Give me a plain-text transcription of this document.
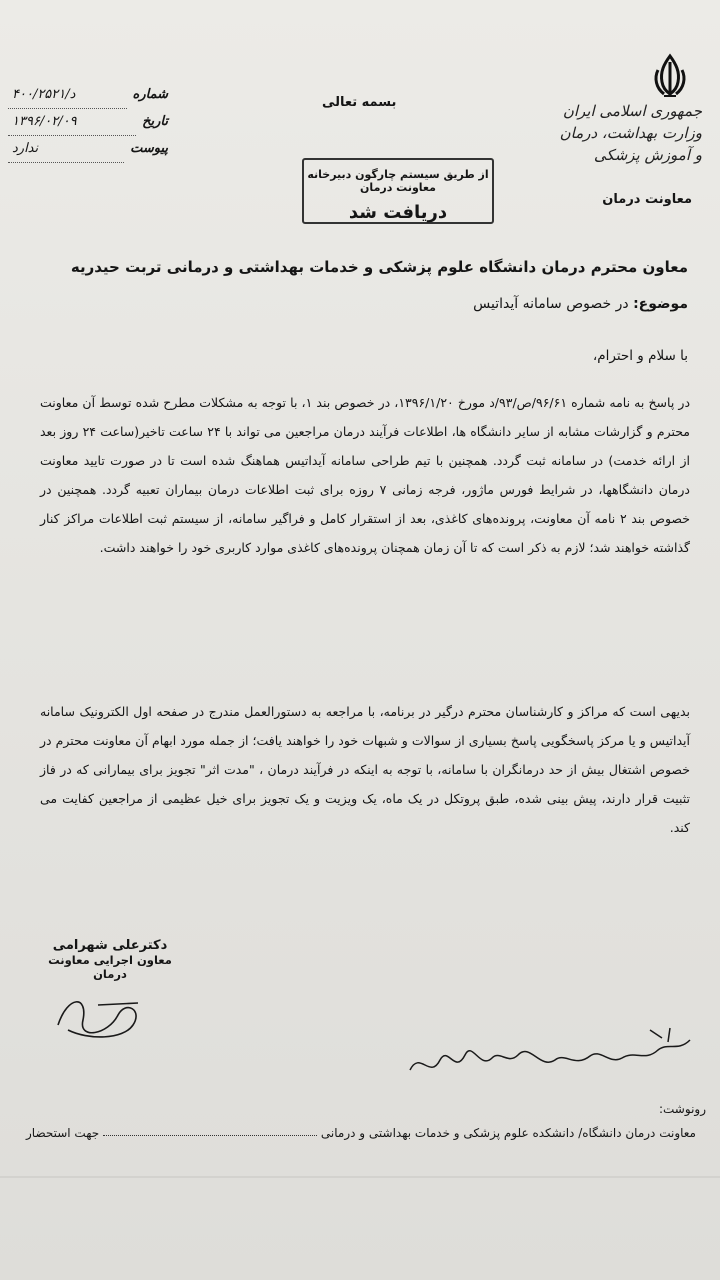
جمهوری اسلامی ایران
وزارت بهداشت، درمان و آموزش پزشکی
معاونت درمان
بسمه تعالی
از طریق سیستم چارگون دبیرخانه معاونت درمان
دریافت شد
شماره
۴۰۰/د/۲۵۲۱
تاریخ
۱۳۹۶/۰۲/۰۹
پیوست
ندارد
معاون محترم درمان دانشگاه علوم پزشکی و خدمات بهداشتی و درمانی تربت حیدریه
موضوع: در خصوص سامانه آیداتیس
با سلام و احترام،
در پاسخ به نامه شماره ۹۶/۶۱/ص/۹۳/د مورخ ۱۳۹۶/۱/۲۰، در خصوص بند ۱، با توجه به مشکلات مطرح شده توسط آن معاونت محترم و گزارشات مشابه از سایر دانشگاه ها، اطلاعات فرآیند درمان مراجعین می تواند با ۲۴ ساعت تاخیر(ساعت ۲۴ روز بعد از ارائه خدمت) در سامانه ثبت گردد. همچنین با تیم طراحی سامانه آیداتیس هماهنگ شده است تا در صورت تایید معاونت درمان دانشگاهها، در شرایط فورس ماژور، فرجه زمانی ۷ روزه برای ثبت اطلاعات درمان بیماران تعبیه گردد. همچنین در خصوص بند ۲ نامه آن معاونت، پرونده‌های کاغذی، بعد از استقرار کامل و فراگیر سامانه، از سیستم ثبت اطلاعات مراکز کنار گذاشته خواهند شد؛ لازم به ذکر است که تا آن زمان همچنان پرونده‌های کاغذی موارد کاربری خود را خواهند داشت.
بدیهی است که مراکز و کارشناسان محترم درگیر در برنامه، با مراجعه به دستورالعمل مندرج در صفحه اول الکترونیک سامانه آیداتیس و یا مرکز پاسخگویی پاسخ بسیاری از سوالات و شبهات خود را خواهند یافت؛ از جمله مورد ابهام آن معاونت محترم در خصوص اشتغال بیش از حد درمانگران با سامانه، با توجه به اینکه در فرآیند درمان ، "مدت اثر" تجویز برای بیمارانی که در فاز تثبیت قرار دارند، پیش بینی شده، طبق پروتکل در یک ماه، یک ویزیت و یک تجویز برای خیل عظیمی از مراجعین کفایت می کند.
دکترعلی شهرامی
معاون اجرایی معاونت درمان
رونوشت:
معاونت درمان دانشگاه/ دانشکده علوم پزشکی و خدمات بهداشتی و درمانی
جهت استحضار
